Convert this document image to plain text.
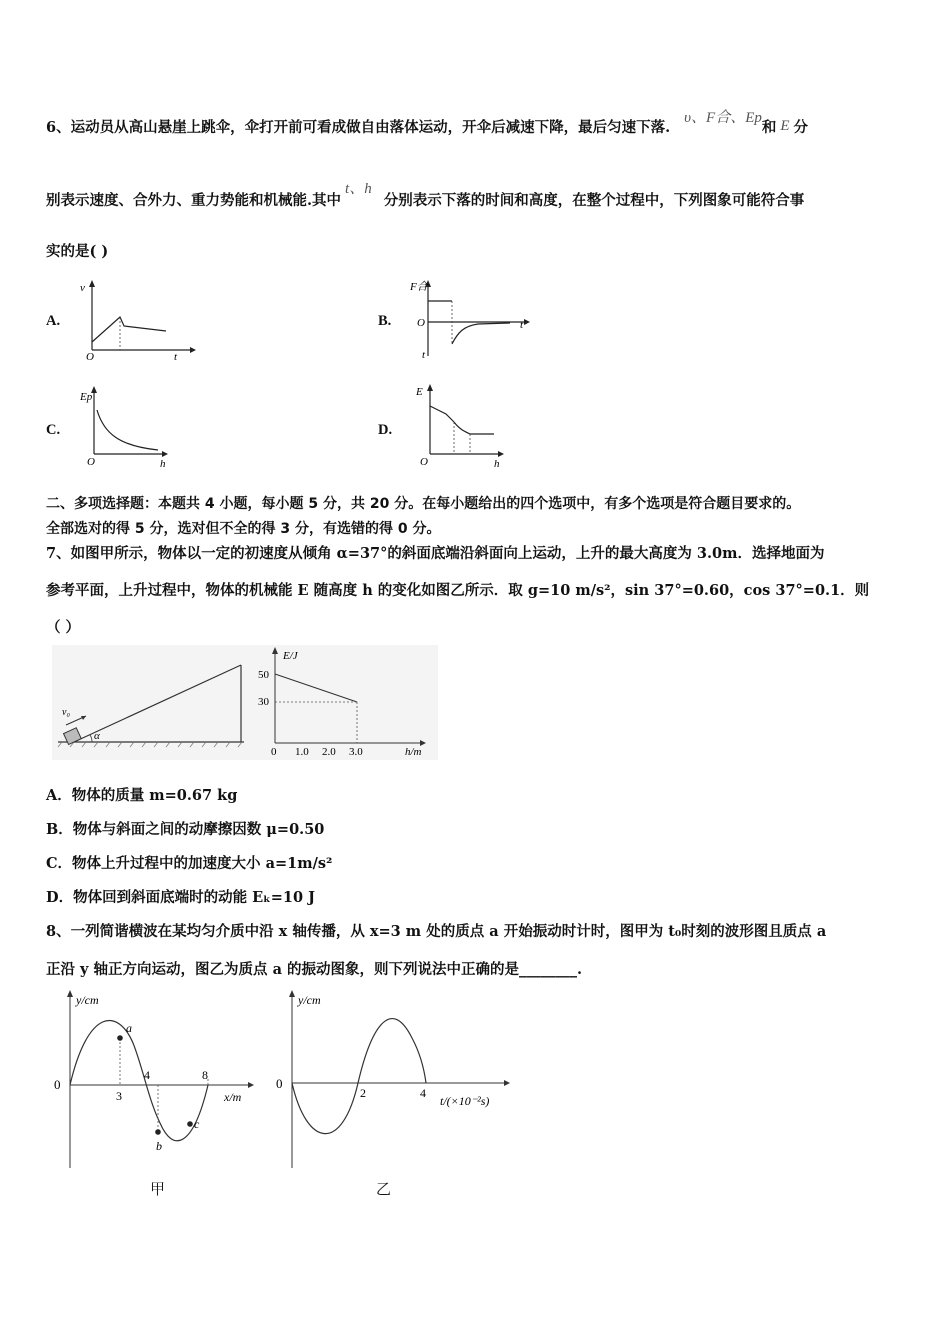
6、运动员从高山悬崖上跳伞，伞打开前可看成做自由落体运动，开伞后减速下降，最后匀速下落.υ、F合、Ep和 E 分
别表示速度、合外力、重力势能和机械能.其中t、h分别表示下落的时间和高度，在整个过程中，下列图象可能符合事
实的是( )
A.	B.
C.	D.
v
O	t
F合
O	t
t
Ep
O	h
E
O	h
二、多项选择题：本题共 4 小题，每小题 5 分，共 20 分。在每小题给出的四个选项中，有多个选项是符合题目要求的。
全部选对的得 5 分，选对但不全的得 3 分，有选错的得 0 分。
7、如图甲所示，物体以一定的初速度从倾角 α=37°的斜面底端沿斜面向上运动，上升的最大高度为 3.0m．选择地面为
参考平面，上升过程中，物体的机械能 E 随高度 h 的变化如图乙所示．取 g=10 m/s²，sin 37°=0.60，cos 37°=0.1．则
（ ）
v₀
α
E/J
50
30
0 1.0 2.0 3.0	h/m
A．物体的质量 m=0.67 kg
B．物体与斜面之间的动摩擦因数 μ=0.50
C．物体上升过程中的加速度大小 a=1m/s²
D．物体回到斜面底端时的动能 Eₖ=10 J
8、一列简谐横波在某均匀介质中沿 x 轴传播，从 x=3 m 处的质点 a 开始振动时计时，图甲为 t₀时刻的波形图且质点 a
正沿 y 轴正方向运动，图乙为质点 a 的振动图象，则下列说法中正确的是________.
y/cm
0
3
4	8
a
b
c
x/m
甲
y/cm
0
2	4
t/(×10⁻²s)
乙
